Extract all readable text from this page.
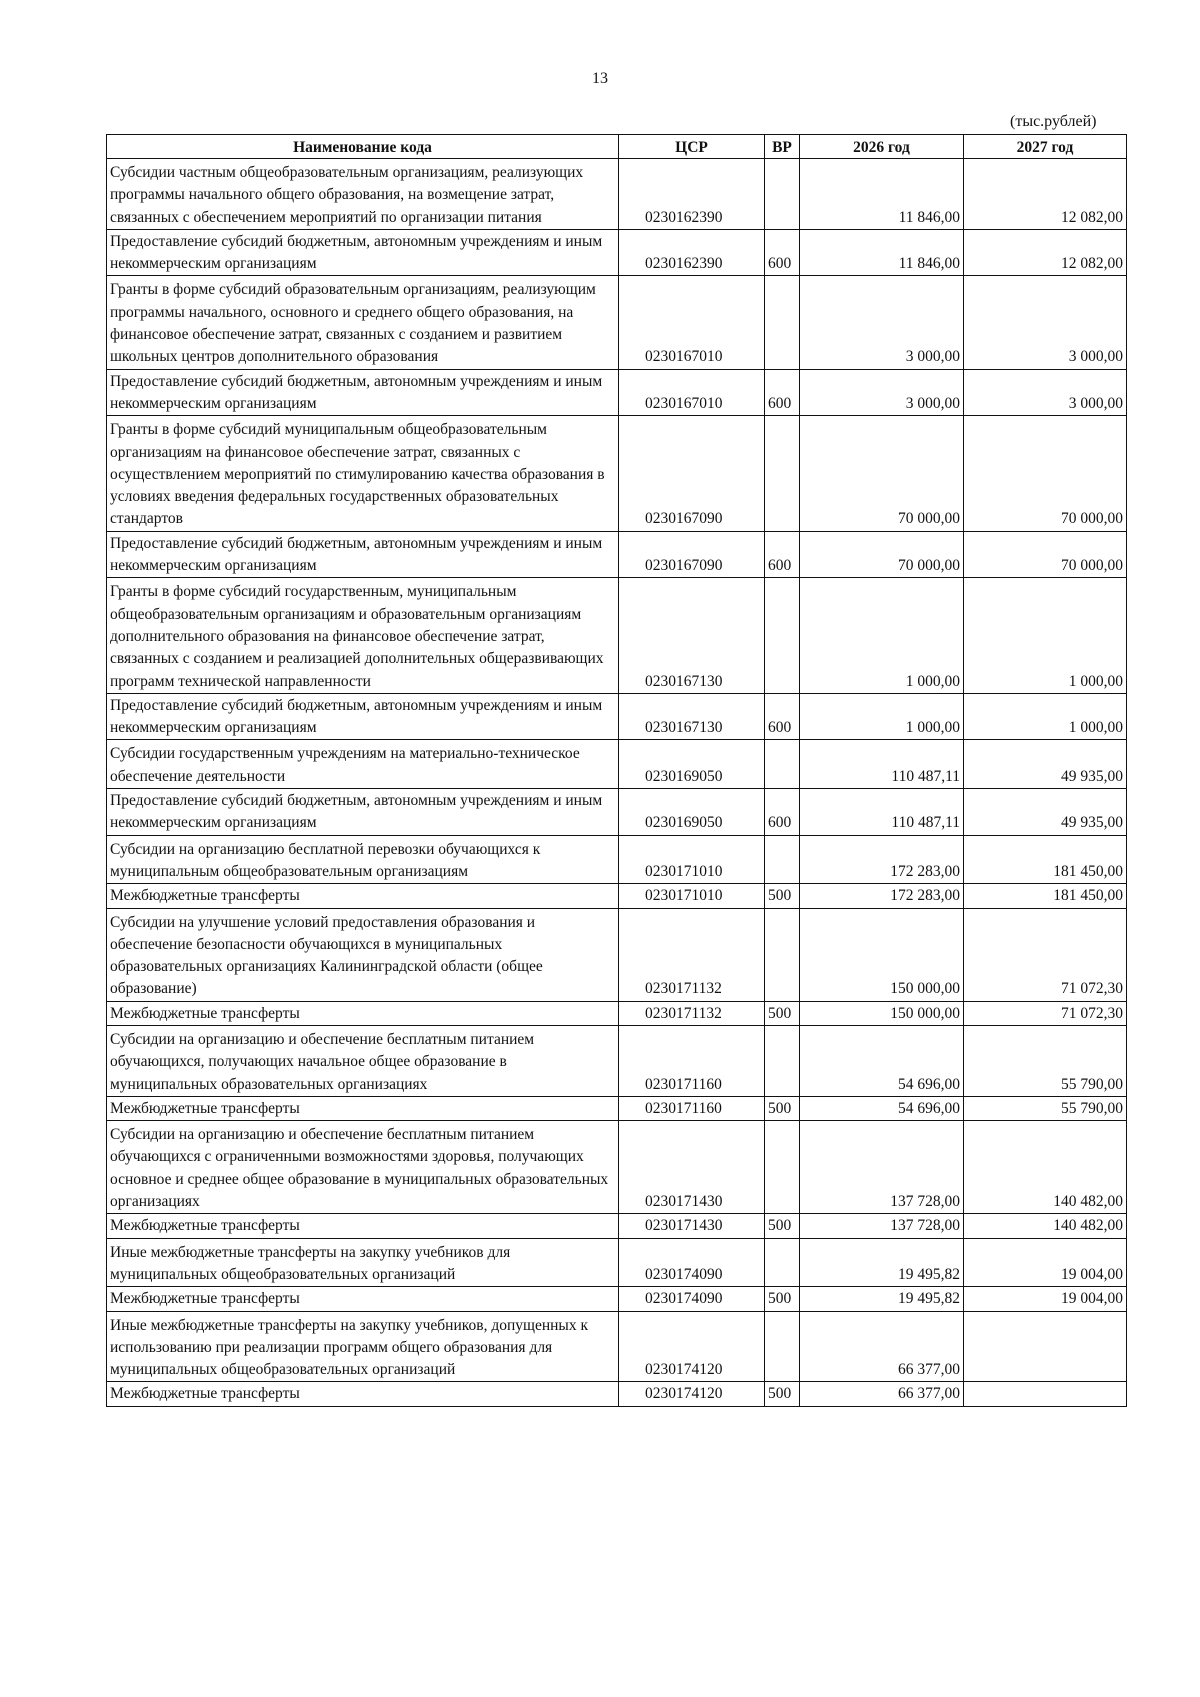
13
(тыс.рублей)
Наименование кода	ЦСР	ВР	2026 год	2027 год
Субсидии частным общеобразовательным организациям, реализующих программы начального общего образования, на возмещение затрат, связанных с обеспечением мероприятий по организации питания	0230162390		11 846,00	12 082,00
Предоставление субсидий бюджетным, автономным учреждениям и иным некоммерческим организациям	0230162390	600	11 846,00	12 082,00
Гранты в форме субсидий образовательным организациям, реализующим программы начального, основного и среднего общего образования, на финансовое обеспечение затрат, связанных с созданием и развитием школьных центров дополнительного образования	0230167010		3 000,00	3 000,00
Предоставление субсидий бюджетным, автономным учреждениям и иным некоммерческим организациям	0230167010	600	3 000,00	3 000,00
Гранты в форме субсидий муниципальным общеобразовательным организациям на финансовое обеспечение затрат, связанных с осуществлением мероприятий по стимулированию качества образования в условиях введения федеральных государственных образовательных стандартов	0230167090		70 000,00	70 000,00
Предоставление субсидий бюджетным, автономным учреждениям и иным некоммерческим организациям	0230167090	600	70 000,00	70 000,00
Гранты в форме субсидий государственным, муниципальным общеобразовательным организациям и образовательным организациям дополнительного образования на финансовое обеспечение затрат, связанных с созданием и реализацией дополнительных общеразвивающих программ технической направленности	0230167130		1 000,00	1 000,00
Предоставление субсидий бюджетным, автономным учреждениям и иным некоммерческим организациям	0230167130	600	1 000,00	1 000,00
Субсидии государственным учреждениям на материально-техническое обеспечение деятельности	0230169050		110 487,11	49 935,00
Предоставление субсидий бюджетным, автономным учреждениям и иным некоммерческим организациям	0230169050	600	110 487,11	49 935,00
Субсидии на организацию бесплатной перевозки обучающихся к муниципальным общеобразовательным организациям	0230171010		172 283,00	181 450,00
Межбюджетные трансферты	0230171010	500	172 283,00	181 450,00
Субсидии на улучшение условий предоставления образования и обеспечение безопасности обучающихся в муниципальных образовательных организациях Калининградской области (общее образование)	0230171132		150 000,00	71 072,30
Межбюджетные трансферты	0230171132	500	150 000,00	71 072,30
Субсидии на организацию и обеспечение бесплатным питанием обучающихся, получающих начальное общее образование в муниципальных образовательных организациях	0230171160		54 696,00	55 790,00
Межбюджетные трансферты	0230171160	500	54 696,00	55 790,00
Субсидии на организацию и обеспечение бесплатным питанием обучающихся с ограниченными возможностями здоровья, получающих основное и среднее общее образование в муниципальных образовательных организациях	0230171430		137 728,00	140 482,00
Межбюджетные трансферты	0230171430	500	137 728,00	140 482,00
Иные межбюджетные трансферты на закупку учебников для муниципальных общеобразовательных организаций	0230174090		19 495,82	19 004,00
Межбюджетные трансферты	0230174090	500	19 495,82	19 004,00
Иные межбюджетные трансферты на закупку учебников, допущенных к использованию при реализации программ общего образования для муниципальных общеобразовательных организаций	0230174120		66 377,00	
Межбюджетные трансферты	0230174120	500	66 377,00	
